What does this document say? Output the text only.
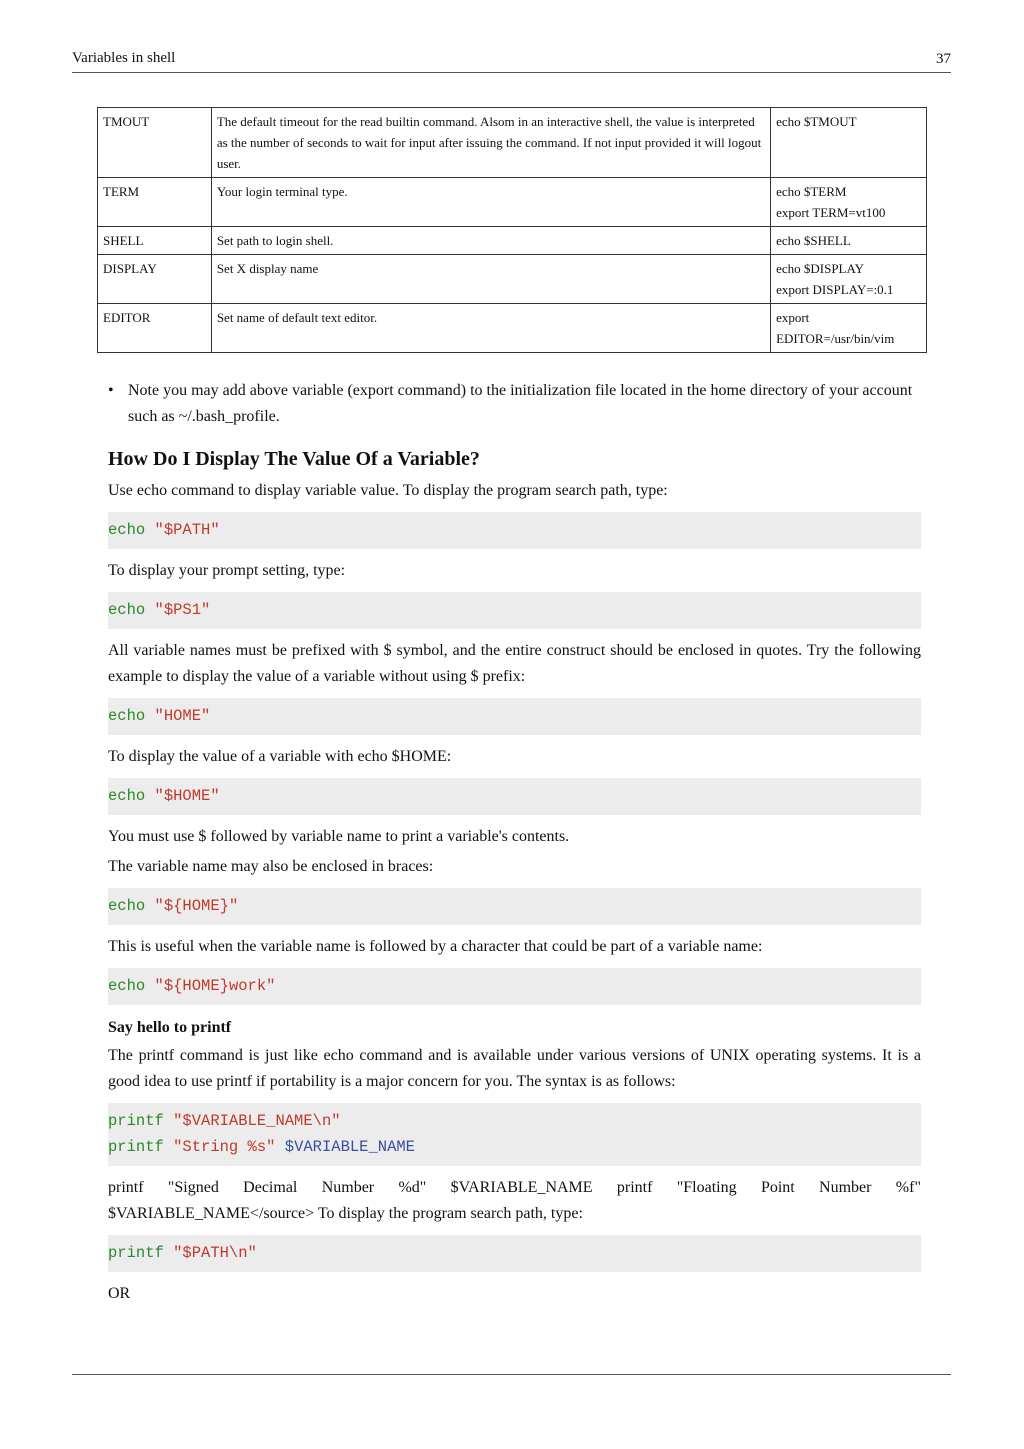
Variables in shell	37
TMOUT	The default timeout for the read builtin command. Alsom in an interactive shell, the value is interpreted as the number of seconds to wait for input after issuing the command. If not input provided it will logout user.	echo $TMOUT

TERM	Your login terminal type.	echo $TERM
export TERM=vt100

SHELL	Set path to login shell.	echo $SHELL

DISPLAY	Set X display name	echo $DISPLAY
export DISPLAY=:0.1

EDITOR	Set name of default text editor.	export
EDITOR=/usr/bin/vim
• Note you may add above variable (export command) to the initialization file located in the home directory of your account such as ~/.bash_profile.
How Do I Display The Value Of a Variable?

Use echo command to display variable value. To display the program search path, type:

echo "$PATH"

To display your prompt setting, type:

echo "$PS1"

All variable names must be prefixed with $ symbol, and the entire construct should be enclosed in quotes. Try the following example to display the value of a variable without using $ prefix:

echo "HOME"

To display the value of a variable with echo $HOME:

echo "$HOME"

You must use $ followed by variable name to print a variable's contents.

The variable name may also be enclosed in braces:

echo "${HOME}"

This is useful when the variable name is followed by a character that could be part of a variable name:

echo "${HOME}work"
Say hello to printf

The printf command is just like echo command and is available under various versions of UNIX operating systems. It is a good idea to use printf if portability is a major concern for you. The syntax is as follows:

printf "$VARIABLE_NAME\n"
printf "String %s" $VARIABLE_NAME

printf "Signed Decimal Number %d" $VARIABLE_NAME printf "Floating Point Number %f" $VARIABLE_NAME</source> To display the program search path, type:

printf "$PATH\n"

OR
